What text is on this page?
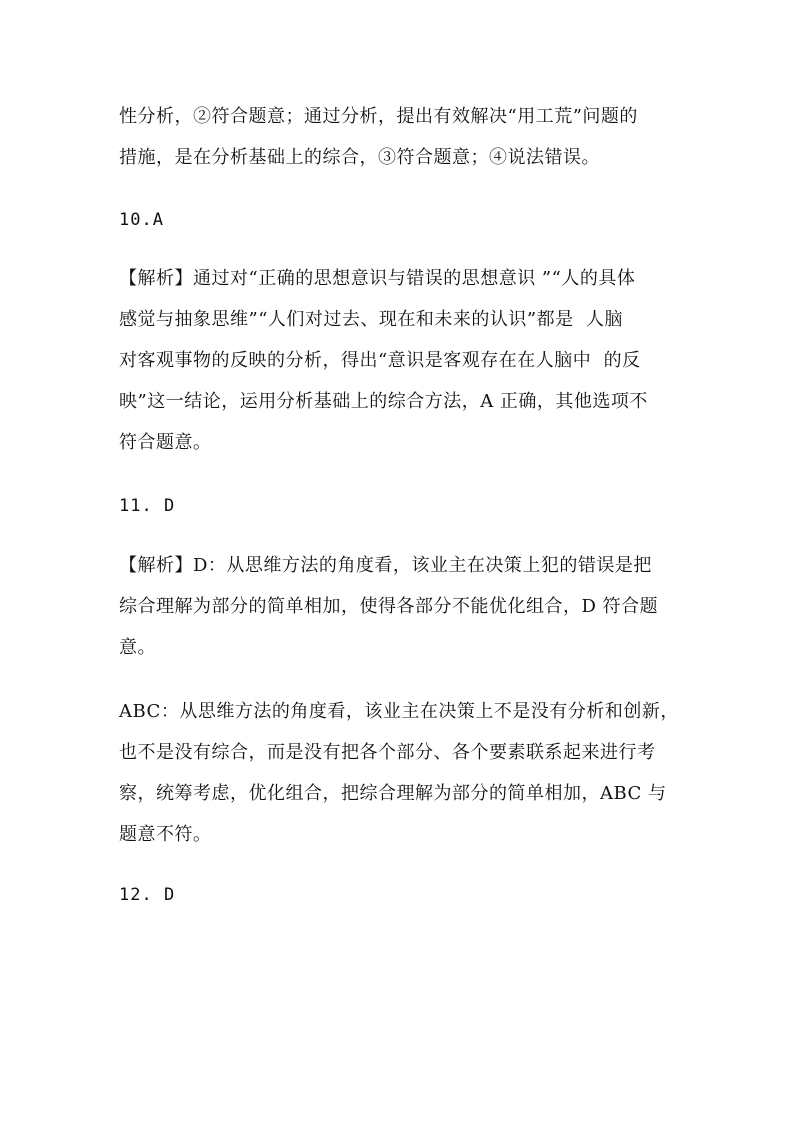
性分析，②符合题意；通过分析，提出有效解决“用工荒”问题的
措施，是在分析基础上的综合，③符合题意；④说法错误。
10.A
【解析】通过对“正确的思想意识与错误的思想意识 ”“人的具体
感觉与抽象思维”“人们对过去、现在和未来的认识”都是  人脑
对客观事物的反映的分析，得出“意识是客观存在在人脑中  的反
映”这一结论，运用分析基础上的综合方法，A 正确，其他选项不
符合题意。
11. D
【解析】D：从思维方法的角度看，该业主在决策上犯的错误是把
综合理解为部分的简单相加，使得各部分不能优化组合，D 符合题
意。
ABC：从思维方法的角度看，该业主在决策上不是没有分析和创新，
也不是没有综合，而是没有把各个部分、各个要素联系起来进行考
察，统筹考虑，优化组合，把综合理解为部分的简单相加，ABC 与
题意不符。
12. D
